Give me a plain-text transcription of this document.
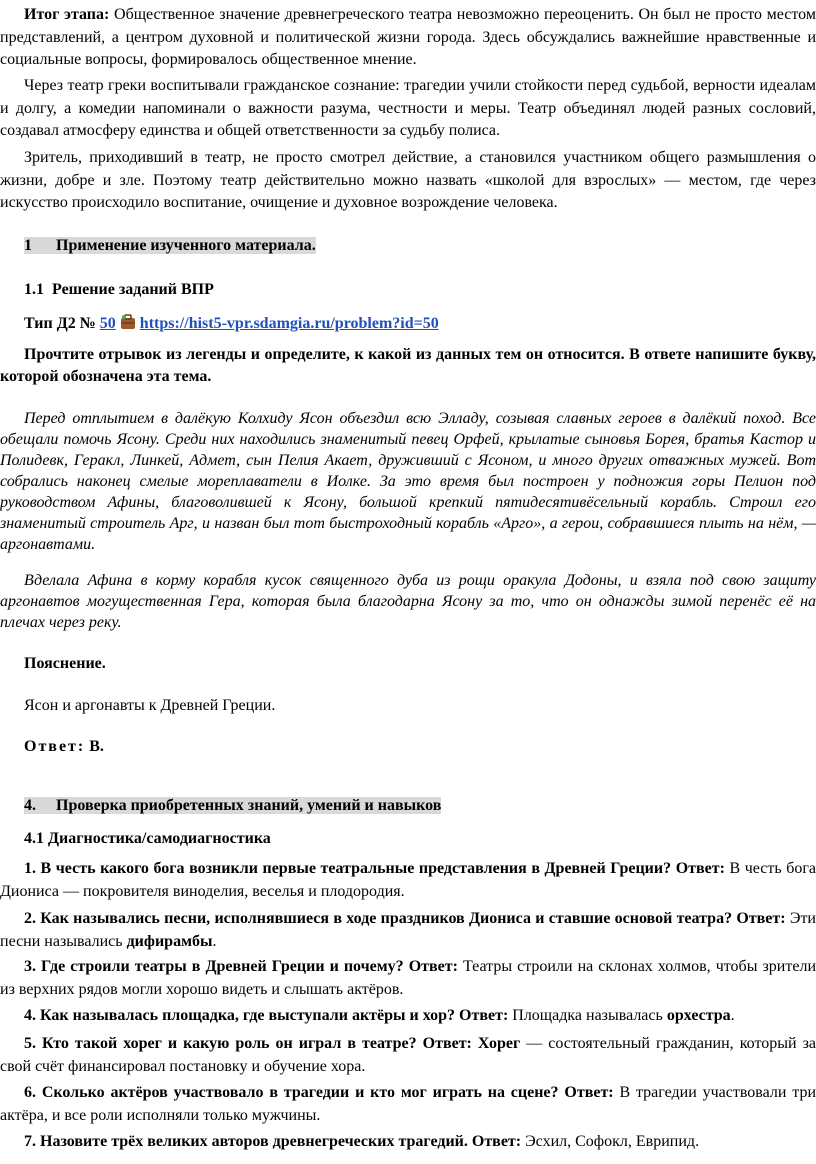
Итог этапа: Общественное значение древнегреческого театра невозможно переоценить. Он был не просто местом представлений, а центром духовной и политической жизни города. Здесь обсуждались важнейшие нравственные и социальные вопросы, формировалось общественное мнение.

Через театр греки воспитывали гражданское сознание: трагедии учили стойкости перед судьбой, верности идеалам и долгу, а комедии напоминали о важности разума, честности и меры. Театр объединял людей разных сословий, создавал атмосферу единства и общей ответственности за судьбу полиса.

Зритель, приходивший в театр, не просто смотрел действие, а становился участником общего размышления о жизни, добре и зле. Поэтому театр действительно можно назвать «школой для взрослых» — местом, где через искусство происходило воспитание, очищение и духовное возрождение человека.

1 Применение изученного материала.
1.1 Решение заданий ВПР
Тип Д2 № 50 https://hist5-vpr.sdamgia.ru/problem?id=50

Прочтите отрывок из легенды и определите, к какой из данных тем он относится. В ответе напишите букву, которой обозначена эта тема.

Перед отплытием в далёкую Колхиду Ясон объездил всю Элладу, созывая славных героев в далёкий поход. Все обещали помочь Ясону. Среди них находились знаменитый певец Орфей, крылатые сыновья Борея, братья Кастор и Полидевк, Геракл, Линкей, Адмет, сын Пелия Акает, друживший с Ясоном, и много других отважных мужей. Вот собрались наконец смелые мореплаватели в Иолке. За это время был построен у подножия горы Пелион под руководством Афины, благоволившей к Ясону, большой крепкий пятидесятивёсельный корабль. Строил его знаменитый строитель Арг, и назван был тот быстроходный корабль «Арго», а герои, собравшиеся плыть на нём, — аргонавтами.

Вделала Афина в корму корабля кусок священного дуба из рощи оракула Додоны, и взяла под свою защиту аргонавтов могущественная Гера, которая была благодарна Ясону за то, что он однажды зимой перенёс её на плечах через реку.

Пояснение.
Ясон и аргонавты к Древней Греции.
Ответ: В.
4. Проверка приобретенных знаний, умений и навыков
4.1 Диагностика/самодиагностика

1. В честь какого бога возникли первые театральные представления в Древней Греции? Ответ: В честь бога Диониса — покровителя виноделия, веселья и плодородия.

2. Как назывались песни, исполнявшиеся в ходе праздников Диониса и ставшие основой театра? Ответ: Эти песни назывались дифирамбы.

3. Где строили театры в Древней Греции и почему? Ответ: Театры строили на склонах холмов, чтобы зрители из верхних рядов могли хорошо видеть и слышать актёров.

4. Как называлась площадка, где выступали актёры и хор? Ответ: Площадка называлась орхестра.

5. Кто такой хорег и какую роль он играл в театре? Ответ: Хорег — состоятельный гражданин, который за свой счёт финансировал постановку и обучение хора.

6. Сколько актёров участвовало в трагедии и кто мог играть на сцене? Ответ: В трагедии участвовали три актёра, и все роли исполняли только мужчины.

7. Назовите трёх великих авторов древнегреческих трагедий. Ответ: Эсхил, Софокл, Еврипид.
